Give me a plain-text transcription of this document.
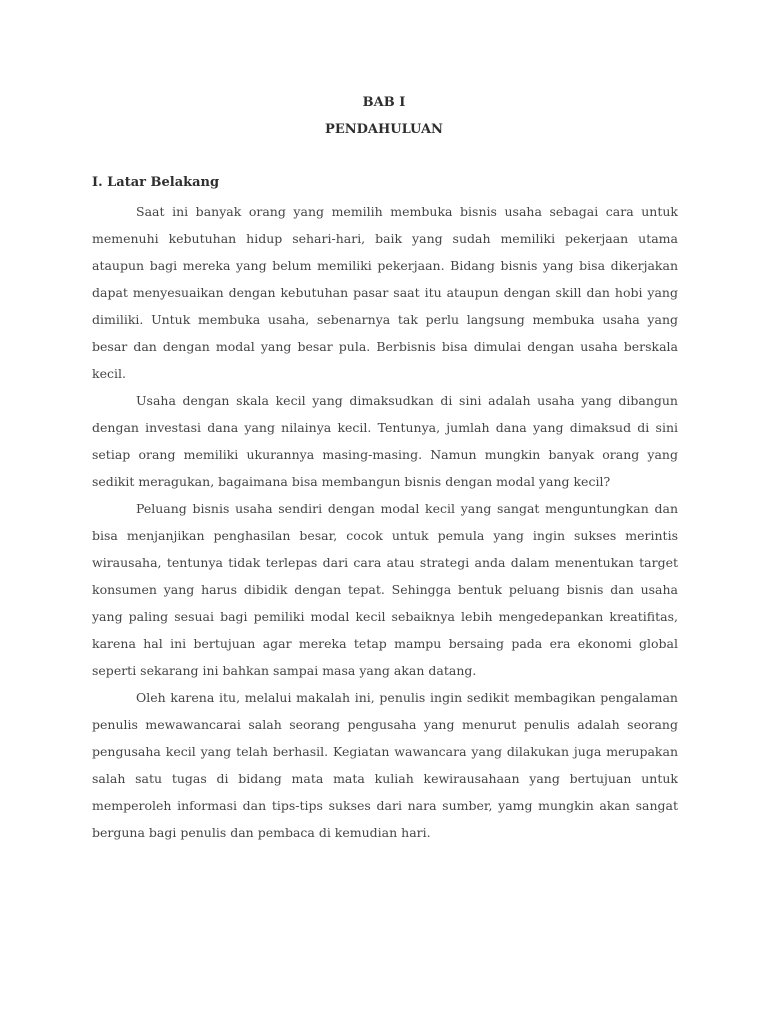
BAB I
PENDAHULUAN
I. Latar Belakang

Saat ini banyak orang yang memilih membuka bisnis usaha sebagai cara untuk memenuhi kebutuhan hidup sehari-hari, baik yang sudah memiliki pekerjaan utama ataupun bagi mereka yang belum memiliki pekerjaan. Bidang bisnis yang bisa dikerjakan dapat menyesuaikan dengan kebutuhan pasar saat itu ataupun dengan skill dan hobi yang dimiliki. Untuk membuka usaha, sebenarnya tak perlu langsung membuka usaha yang besar dan dengan modal yang besar pula. Berbisnis bisa dimulai dengan usaha berskala kecil.

Usaha dengan skala kecil yang dimaksudkan di sini adalah usaha yang dibangun dengan investasi dana yang nilainya kecil. Tentunya, jumlah dana yang dimaksud di sini setiap orang memiliki ukurannya masing-masing. Namun mungkin banyak orang yang sedikit meragukan, bagaimana bisa membangun bisnis dengan modal yang kecil?

Peluang bisnis usaha sendiri dengan modal kecil yang sangat menguntungkan dan bisa menjanjikan penghasilan besar, cocok untuk pemula yang ingin sukses merintis wirausaha, tentunya tidak terlepas dari cara atau strategi anda dalam menentukan target konsumen yang harus dibidik dengan tepat. Sehingga bentuk peluang bisnis dan usaha yang paling sesuai bagi pemiliki modal kecil sebaiknya lebih mengedepankan kreatifitas, karena hal ini bertujuan agar mereka tetap mampu bersaing pada era ekonomi global seperti sekarang ini bahkan sampai masa yang akan datang.

Oleh karena itu, melalui makalah ini, penulis ingin sedikit membagikan pengalaman penulis mewawancarai salah seorang pengusaha yang menurut penulis adalah seorang pengusaha kecil yang telah berhasil. Kegiatan wawancara yang dilakukan juga merupakan salah satu tugas di bidang mata mata kuliah kewirausahaan yang bertujuan untuk memperoleh informasi dan tips-tips sukses dari nara sumber, yamg mungkin akan sangat berguna bagi penulis dan pembaca di kemudian hari.
